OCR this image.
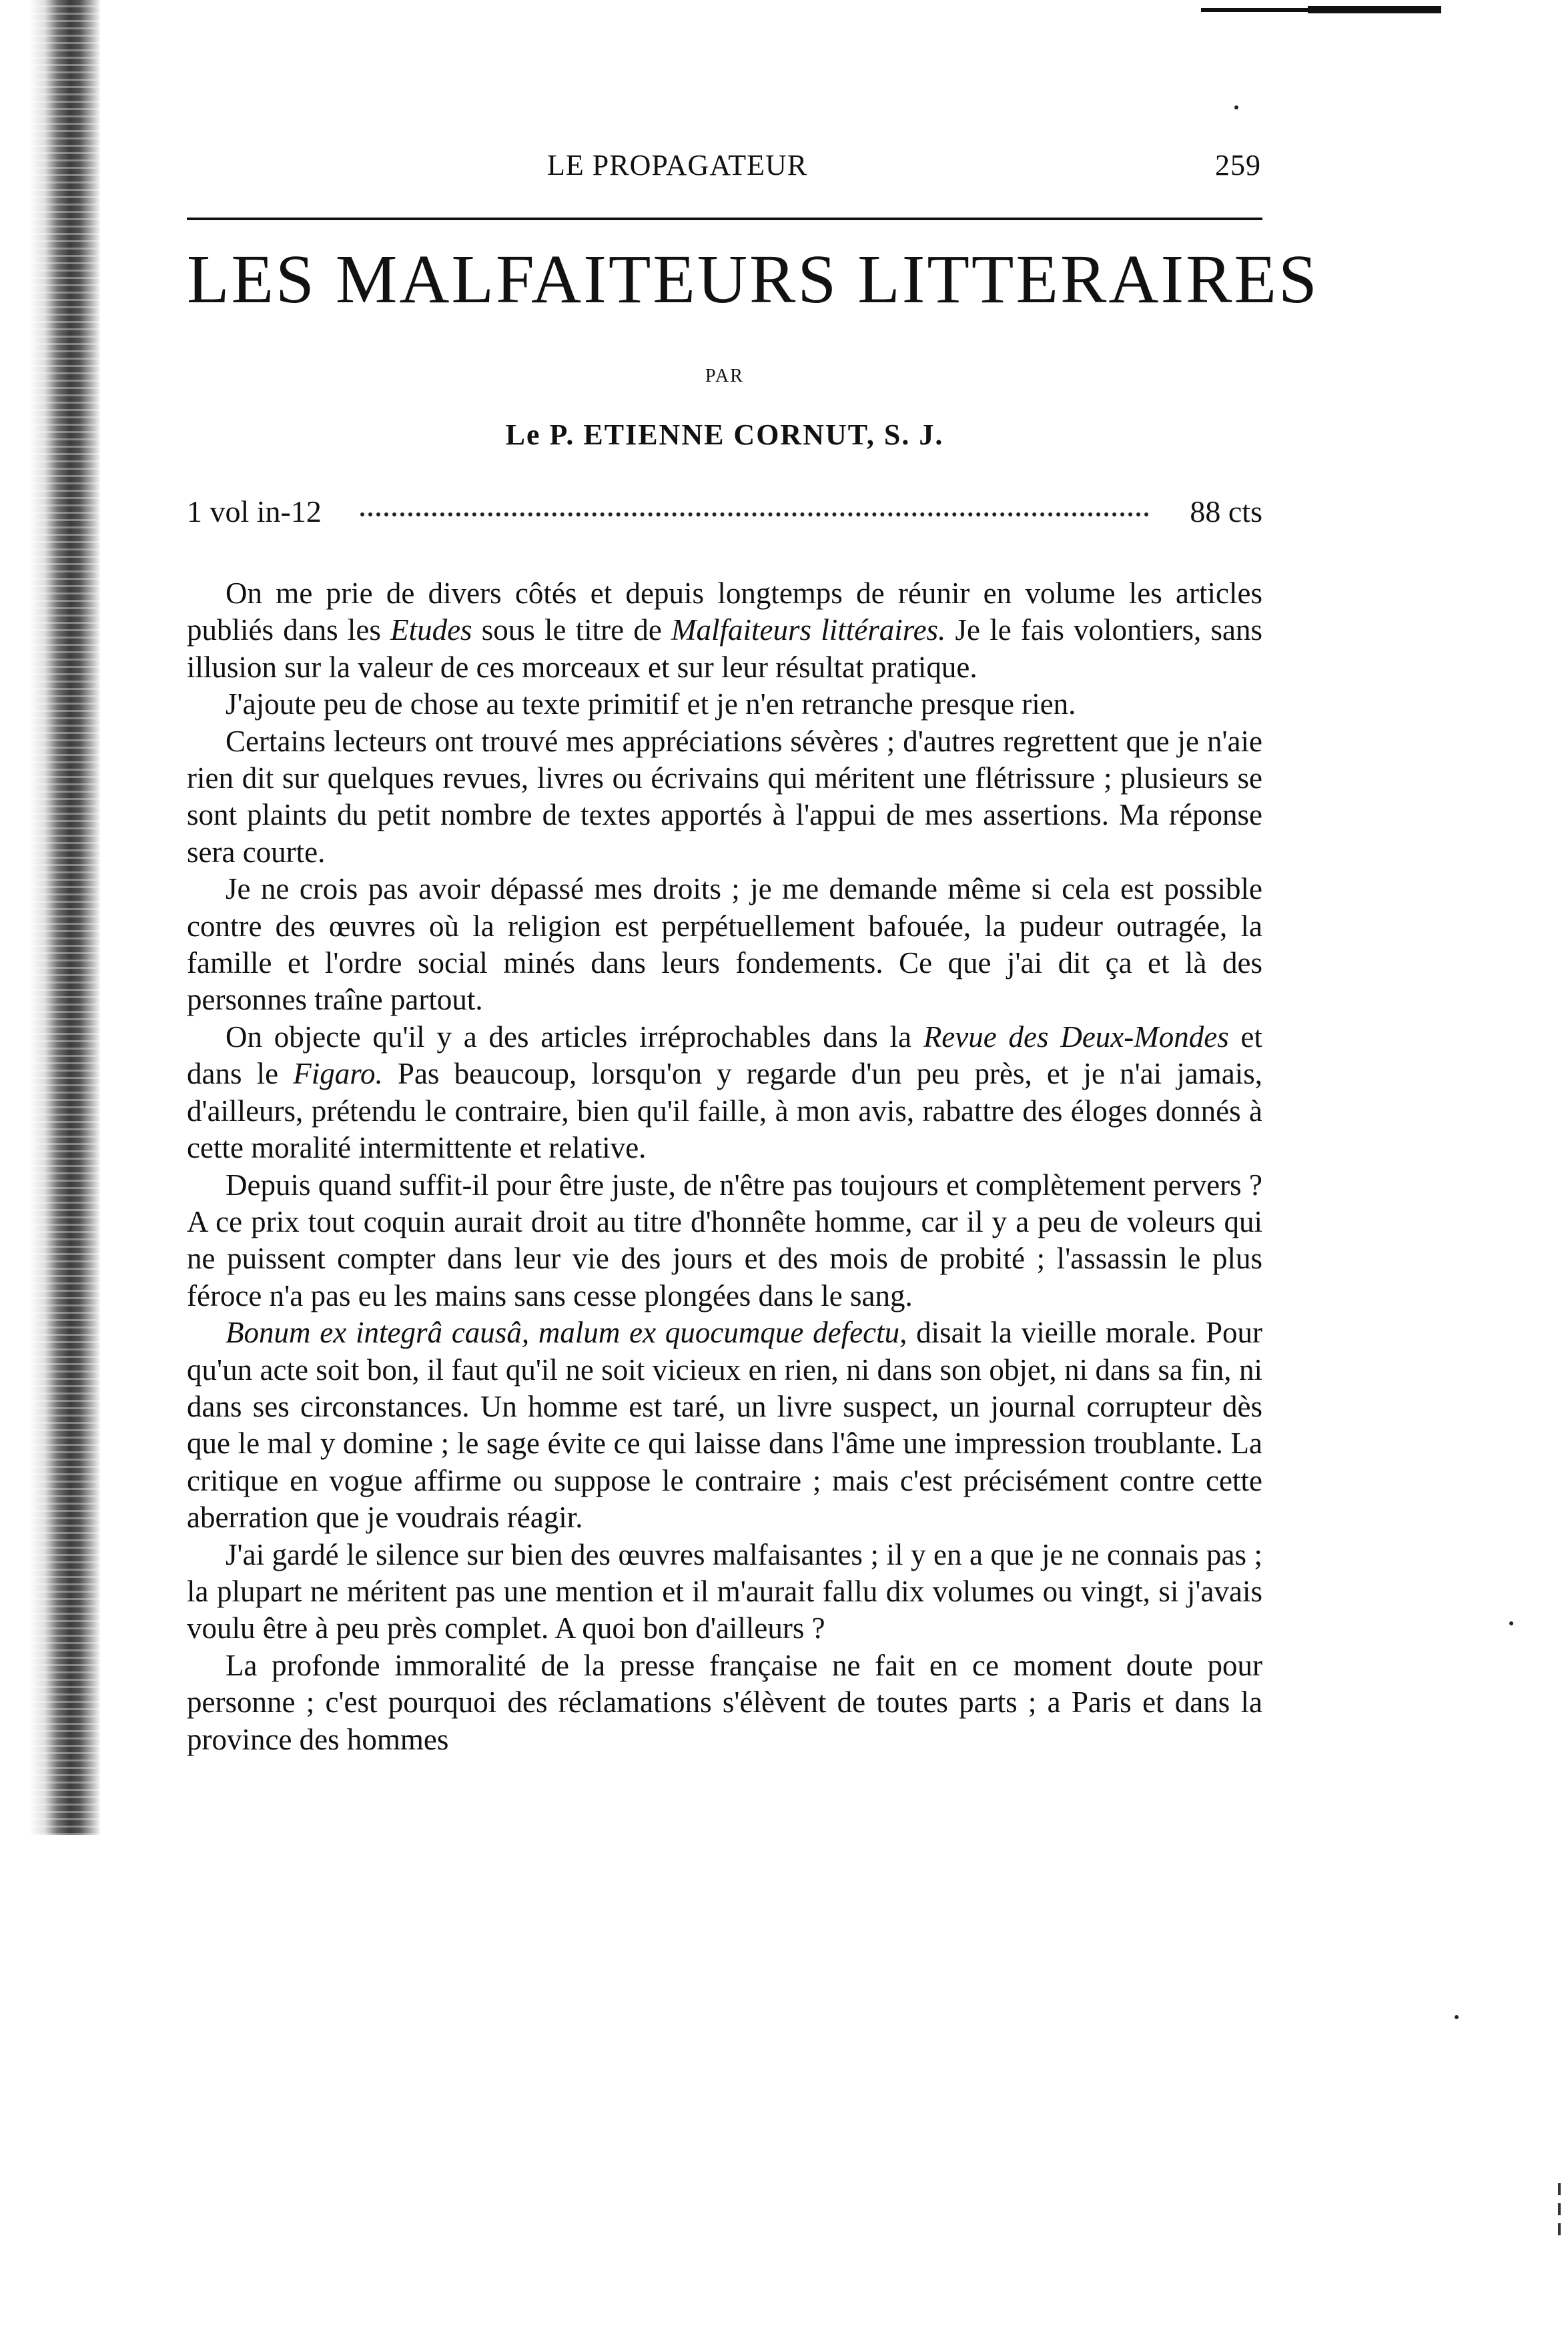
LE PROPAGATEUR	259
LES MALFAITEURS LITTERAIRES
PAR
Le P. ETIENNE CORNUT, S. J.
1 vol in-12	88 cts

On me prie de divers côtés et depuis longtemps de réunir en volume les articles publiés dans les Etudes sous le titre de Malfaiteurs littéraires. Je le fais volontiers, sans illusion sur la valeur de ces morceaux et sur leur résultat pratique.

J'ajoute peu de chose au texte primitif et je n'en retranche presque rien.

Certains lecteurs ont trouvé mes appréciations sévères ; d'autres regrettent que je n'aie rien dit sur quelques revues, livres ou écrivains qui méritent une flétrissure ; plusieurs se sont plaints du petit nombre de textes apportés à l'appui de mes assertions. Ma réponse sera courte.

Je ne crois pas avoir dépassé mes droits ; je me demande même si cela est possible contre des œuvres où la religion est perpétuellement bafouée, la pudeur outragée, la famille et l'ordre social minés dans leurs fondements. Ce que j'ai dit ça et là des personnes traîne partout.

On objecte qu'il y a des articles irréprochables dans la Revue des Deux-Mondes et dans le Figaro. Pas beaucoup, lorsqu'on y regarde d'un peu près, et je n'ai jamais, d'ailleurs, prétendu le contraire, bien qu'il faille, à mon avis, rabattre des éloges donnés à cette moralité intermittente et relative.

Depuis quand suffit-il pour être juste, de n'être pas toujours et complètement pervers ? A ce prix tout coquin aurait droit au titre d'honnête homme, car il y a peu de voleurs qui ne puissent compter dans leur vie des jours et des mois de probité ; l'assassin le plus féroce n'a pas eu les mains sans cesse plongées dans le sang.

Bonum ex integrâ causâ, malum ex quocumque defectu, disait la vieille morale. Pour qu'un acte soit bon, il faut qu'il ne soit vicieux en rien, ni dans son objet, ni dans sa fin, ni dans ses circonstances. Un homme est taré, un livre suspect, un journal corrupteur dès que le mal y domine ; le sage évite ce qui laisse dans l'âme une impression troublante. La critique en vogue affirme ou suppose le contraire ; mais c'est précisément contre cette aberration que je voudrais réagir.

J'ai gardé le silence sur bien des œuvres malfaisantes ; il y en a que je ne connais pas ; la plupart ne méritent pas une mention et il m'aurait fallu dix volumes ou vingt, si j'avais voulu être à peu près complet. A quoi bon d'ailleurs ?

La profonde immoralité de la presse française ne fait en ce moment doute pour personne ; c'est pourquoi des réclamations s'élèvent de toutes parts ; a Paris et dans la province des hommes
